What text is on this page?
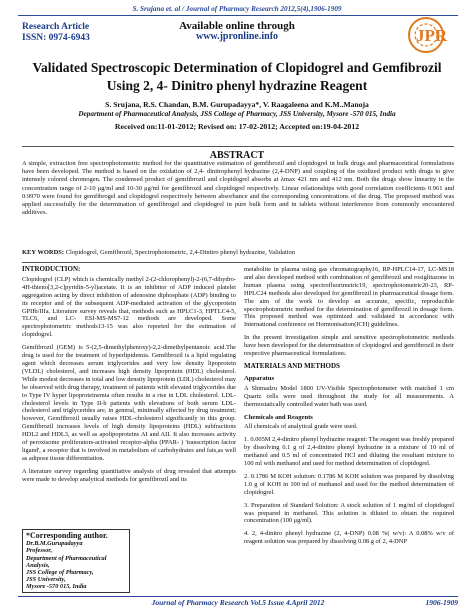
S. Srujana et. al / Journal of Pharmacy Research 2012,5(4),1906-1909
Research Article
ISSN: 0974-6943
Available online through
www.jpronline.info	JPR
Validated Spectroscopic Determination of Clopidogrel and Gemfibrozil
Using 2, 4- Dinitro phenyl hydrazine Reagent
S. Srujana, R.S. Chandan, B.M. Gurupadayya*, V. Raagaleena and K.M..Manoja
Department of Pharmaceutical Analysis, JSS College of Pharmacy, JSS University, Mysore -570 015, India
Received on:11-01-2012; Revised on: 17-02-2012; Accepted on:19-04-2012
ABSTRACT
A simple, extraction free spectrophotometric method for the quantitative estimation of gemfibrozil and clopidogrel in bulk drugs and pharmaceutical formulations have been developed. The method is based on the oxidation of 2,4- dinitrophenyl hydrazine (2,4-DNP) and coupling of the oxidized product with drugs to give intensely colored chromogen. The condensed product of gemfibrozil and clopidogrel absorbs at λmax 421 nm and 412 nm. Both the drugs show linearity in the concentration range of 2-10 μg/ml and 10-30 μg/ml for gemfibrozil and clopidogrel respectively. Linear relationships with good correlation coefficients 0.961 and 0.9970 were found for gemfibrogel and clopidogrel respectively between absorbance and the corresponding concentrations of the drug. The proposed method was applied successfully for the determination of gemfibrogel and clopidogrel in pure bulk form and in tablets without interference from commonly encountered additives.
KEY WORDS: Clopidogrel, Gemfibrozil, Spectrophotometric, 2,4-Dinitro phenyl hydrazine, Validation
INTRODUCTION:
Clopidogrel (CLP) which is chemically methyl 2-(2-chlorophenyl)-2-(6,7-dihydro-4H-thieno[3,2-c]pyridin-5-yl)acetate. It is an inhibitor of ADP induced platelet aggregation acting by direct inhibition of adenosine diphosphate (ADP) binding to its receptor and of the subsequent ADP-mediated activation of the glycoprotein GPIIb/IIIa. Literature survey reveals that, methods such as HPLC1-3, HPTLC4-5, TLC6, and LC- ESI-MS-MS7-12 methods are developed. Some spectrophotometric methods13-15 was also reported for the estimation of clopidogrel.
Gemfibrozil (GEM) is 5-(2,5-dimethylphenoxy)-2,2-dimethylpentanoic acid.The drug is used for the treatment of hyperlipidemia. Gemfibrozil is a lipid regulating agent which decreases serum triglycerides and very low density lipoprotein (VLDL) cholesterol, and increases high density lipoprotein (HDL) cholesterol. While modest decreases in total and low density lipoprotein (LDL) cholesterol may be observed with drug therapy, treatment of patients with elevated triglycerides due to Type IV hyper lipoproteinemia often results in a rise in LDL cholesterol. LDL-cholesterol levels in Type II-b patients with elevations of both serum LDL-cholesterol and triglycerides are, in general, minimally affected by drug treatment; however, Gemfibrozil usually raises HDL-cholesterol significantly in this group. Gemfibrozil increases levels of high density lipoproteins (HDL) subfractions HDL2 and HDL3, as well as apolipoproteins AI and AII. It also increases activity of peroxisome proliferators-activated receptor-alpha (PPAR- ) 'transcription factor ligand', a receptor that is involved in metabolism of carbohydrates and fats,as well as adipose tissue differentiation.
A literature survey regarding quantitative analysis of drug revealed that attempts were made to develop analytical methods for gemfibrozil and its
*Corresponding author.
Dr.B.M.Gurupadayya
Professor,
Department of Pharmaceutical Analysis,
JSS College of Pharmacy,
JSS University,
Mysore -570 015, India
metabolite in plasma using gas chromatography16, RP-HPLC14-17, LC-MS18 and also developed method with combination of gemfibrozil and rosiglitazone in human plasma using spectrofluorimetric19, spectrophotometric20-23, RP-HPLC24 methods also developed for gemfibrozil in pharmaceutical dosage form. The aim of the work to develop an accurate, specific, reproducible spectrophotometric method for the determination of gemfibrozil in dosage form. This proposed method was optimized and validated in accordance with International conference on Hormonisation(ICH) guidelines.
In the present investigation simple and sensitive spectrophotometric methods have been developed for the determination of clopidogrel and gemfibrozil in their respective pharmaceutical formulations.
MATERIALS AND METHODS
Apparatus
A Shimadzu Model 1800 UV-Visible Spectrophotometer with matched 1 cm Quartz cells were used throughout the study for all measurements. A thermostatically controlled water bath was used.
Chemicals and Reagents
All chemicals of analytical grade were used.
1. 0.005M 2,4-dinitro phenyl hydrazine reagent: The reagent was freshly prepared by dissolving 0.1 g of 2,4-dinitro phenyl hydrazine in a mixture of 10 ml of methanol and 0.5 ml of concentrated HCl and diluting the resultant mixture to 100 ml with methanol and used for method determination of clopidogrel.
2. 0.1786 M KOH solution: 0.1786 M KOH solution was prepared by dissolving 1.0 g of KOH in 100 ml of methanol and used for the method determination of clopidogrel.
3. Preparation of Standard Solution: A stock solution of 1 mg/ml of clopidogrel was prepared in methanol. This solution is diluted to obtain the required concentration (100 μg/ml).
4. 2, 4-dinitro phenyl hydrazine (2, 4-DNP) 0.08 %( w/v): A 0.08% w/v of reagent solution was prepared by dissolving 0.08 g of 2, 4-DNP
Journal of Pharmacy Research Vol.5 Issue 4.April 2012	1906-1909
